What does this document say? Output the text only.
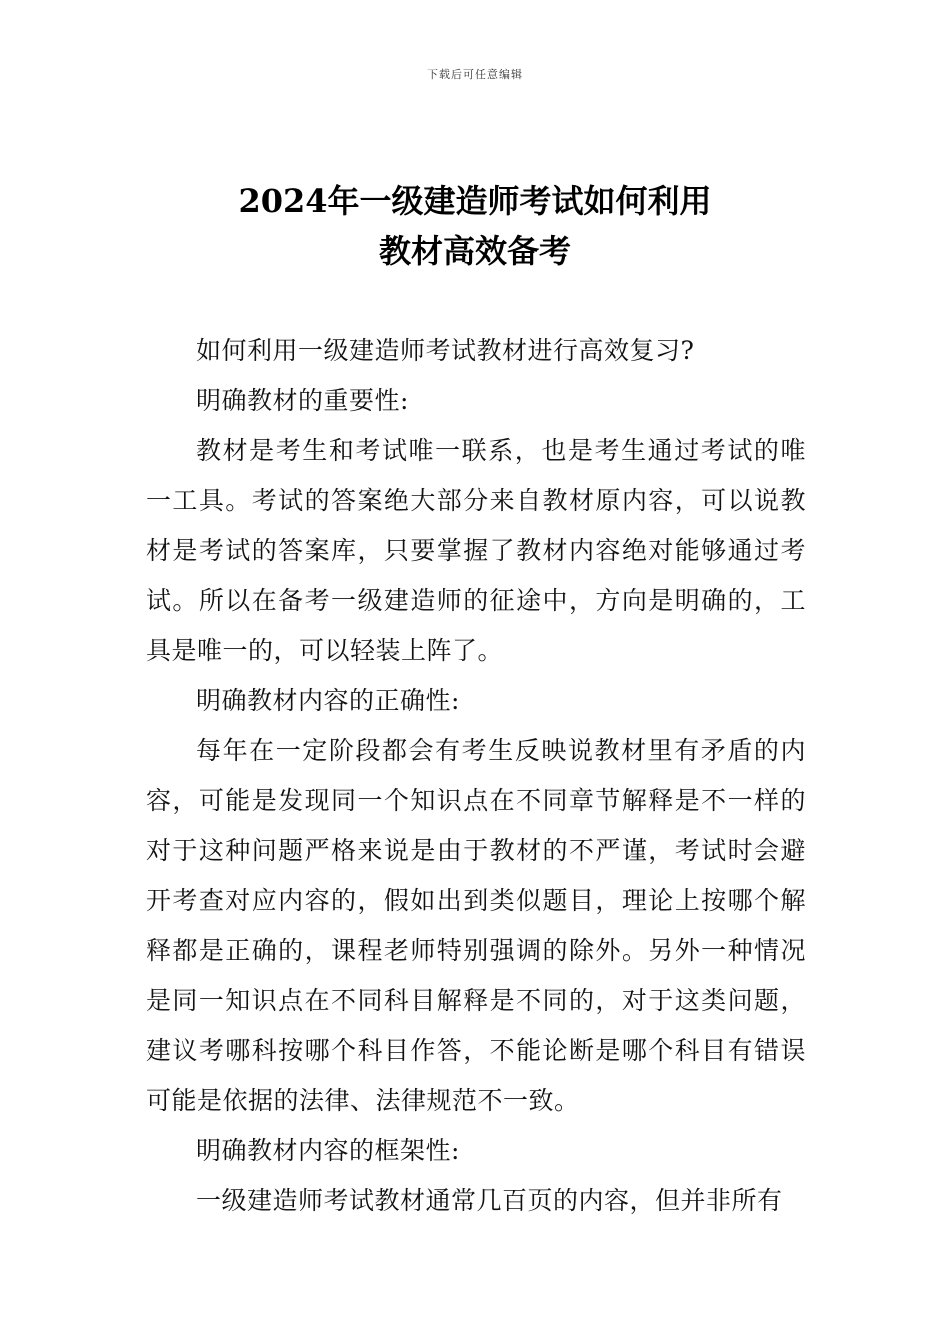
下载后可任意编辑
2024年一级建造师考试如何利用
教材高效备考

如何利用一级建造师考试教材进行高效复习?

明确教材的重要性:

教材是考生和考试唯一联系，也是考生通过考试的唯一工具。考试的答案绝大部分来自教材原内容，可以说教材是考试的答案库，只要掌握了教材内容绝对能够通过考试。所以在备考一级建造师的征途中，方向是明确的，工具是唯一的，可以轻装上阵了。

明确教材内容的正确性:

每年在一定阶段都会有考生反映说教材里有矛盾的内容，可能是发现同一个知识点在不同章节解释是不一样的对于这种问题严格来说是由于教材的不严谨，考试时会避开考查对应内容的，假如出到类似题目，理论上按哪个解释都是正确的，课程老师特别强调的除外。另外一种情况是同一知识点在不同科目解释是不同的，对于这类问题，建议考哪科按哪个科目作答，不能论断是哪个科目有错误可能是依据的法律、法律规范不一致。

明确教材内容的框架性:

一级建造师考试教材通常几百页的内容，但并非所有
